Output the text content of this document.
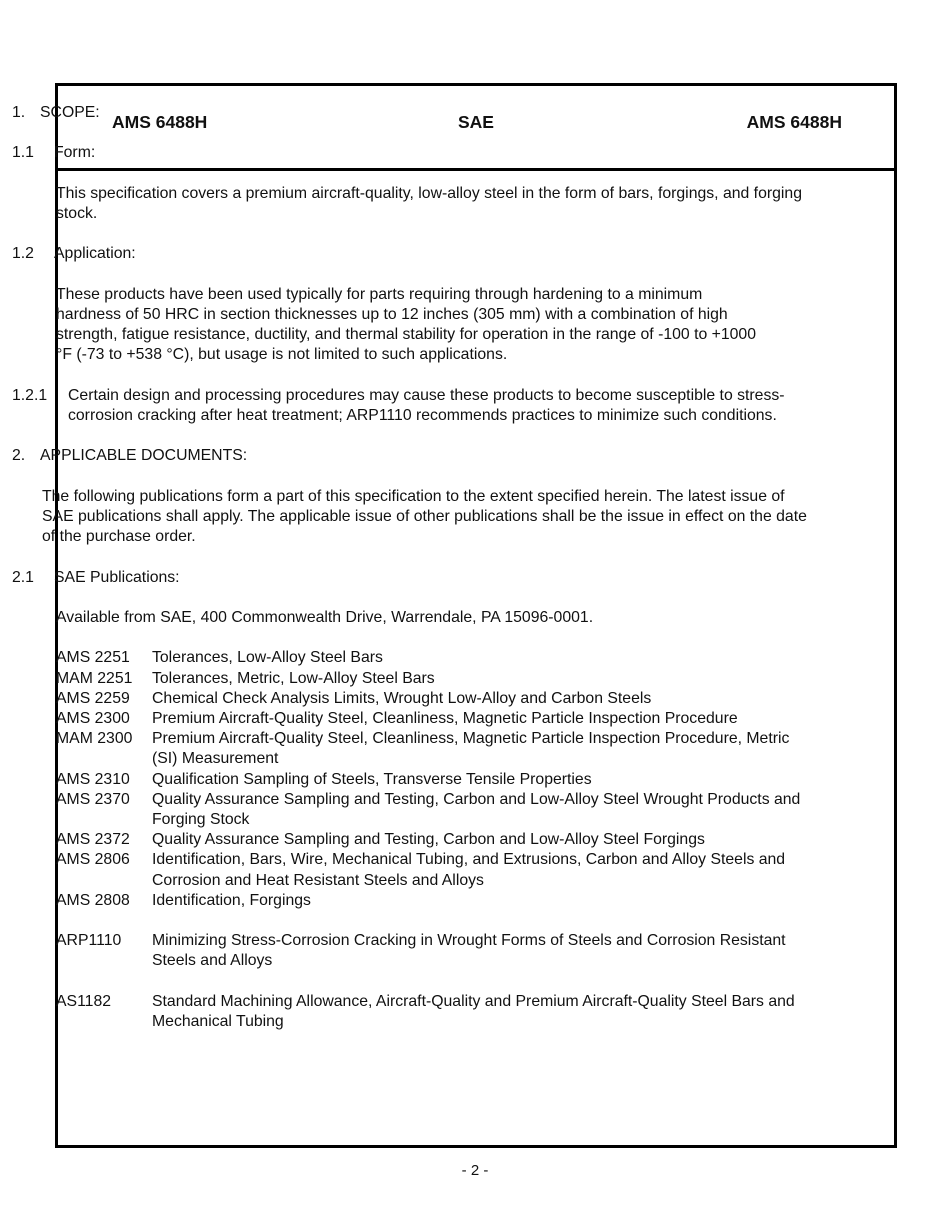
AMS 6488H	SAE	AMS 6488H
1. SCOPE:
1.1	Form:
This specification covers a premium aircraft-quality, low-alloy steel in the form of bars, forgings, and forging stock.
1.2	Application:
These products have been used typically for parts requiring through hardening to a minimum hardness of 50 HRC in section thicknesses up to 12 inches (305 mm) with a combination of high strength, fatigue resistance, ductility, and thermal stability for operation in the range of -100 to +1000 °F (-73 to +538 °C), but usage is not limited to such applications.
1.2.1	Certain design and processing procedures may cause these products to become susceptible to stress-corrosion cracking after heat treatment; ARP1110 recommends practices to minimize such conditions.
2. APPLICABLE DOCUMENTS:
The following publications form a part of this specification to the extent specified herein. The latest issue of SAE publications shall apply. The applicable issue of other publications shall be the issue in effect on the date of the purchase order.
2.1	SAE Publications:
Available from SAE, 400 Commonwealth Drive, Warrendale, PA 15096-0001.
AMS 2251	Tolerances, Low-Alloy Steel Bars
MAM 2251	Tolerances, Metric, Low-Alloy Steel Bars
AMS 2259	Chemical Check Analysis Limits, Wrought Low-Alloy and Carbon Steels
AMS 2300	Premium Aircraft-Quality Steel, Cleanliness, Magnetic Particle Inspection Procedure
MAM 2300	Premium Aircraft-Quality Steel, Cleanliness, Magnetic Particle Inspection Procedure, Metric (SI) Measurement
AMS 2310	Qualification Sampling of Steels, Transverse Tensile Properties
AMS 2370	Quality Assurance Sampling and Testing, Carbon and Low-Alloy Steel Wrought Products and Forging Stock
AMS 2372	Quality Assurance Sampling and Testing, Carbon and Low-Alloy Steel Forgings
AMS 2806	Identification, Bars, Wire, Mechanical Tubing, and Extrusions, Carbon and Alloy Steels and Corrosion and Heat Resistant Steels and Alloys
AMS 2808	Identification, Forgings
ARP1110	Minimizing Stress-Corrosion Cracking in Wrought Forms of Steels and Corrosion Resistant Steels and Alloys
AS1182	Standard Machining Allowance, Aircraft-Quality and Premium Aircraft-Quality Steel Bars and Mechanical Tubing
- 2 -
